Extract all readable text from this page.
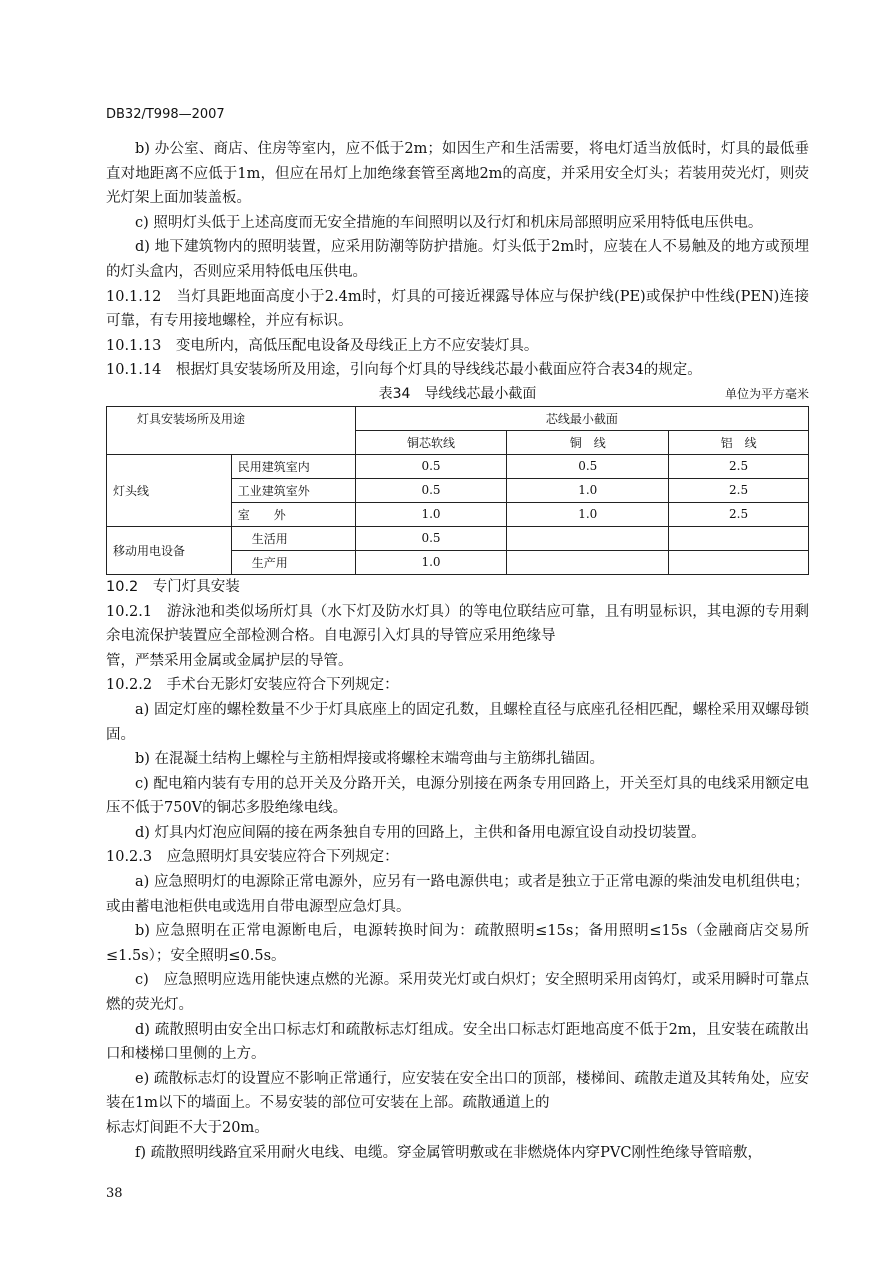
DB32/T998—2007

b) 办公室、商店、住房等室内，应不低于2m；如因生产和生活需要，将电灯适当放低时，灯具的最低垂直对地距离不应低于1m，但应在吊灯上加绝缘套管至离地2m的高度，并采用安全灯头；若装用荧光灯，则荧光灯架上面加装盖板。

c) 照明灯头低于上述高度而无安全措施的车间照明以及行灯和机床局部照明应采用特低电压供电。

d) 地下建筑物内的照明装置，应采用防潮等防护措施。灯头低于2m时，应装在人不易触及的地方或预埋的灯头盒内，否则应采用特低电压供电。

10.1.12　当灯具距地面高度小于2.4m时，灯具的可接近裸露导体应与保护线(PE)或保护中性线(PEN)连接可靠，有专用接地螺栓，并应有标识。

10.1.13　变电所内，高低压配电设备及母线正上方不应安装灯具。

10.1.14　根据灯具安装场所及用途，引向每个灯具的导线线芯最小截面应符合表34的规定。

表34　导线线芯最小截面	单位为平方毫米
灯具安装场所及用途		芯线最小截面		
		铜芯软线	铜　线	铝　线
灯头线	民用建筑室内	0.5	0.5	2.5
	工业建筑室外	0.5	1.0	2.5
	室　　外	1.0	1.0	2.5
移动用电设备	生活用	0.5		
	生产用	1.0		

10.2　专门灯具安装

10.2.1　游泳池和类似场所灯具（水下灯及防水灯具）的等电位联结应可靠，且有明显标识，其电源的专用剩余电流保护装置应全部检测合格。自电源引入灯具的导管应采用绝缘导

管，严禁采用金属或金属护层的导管。

10.2.2　手术台无影灯安装应符合下列规定：

a) 固定灯座的螺栓数量不少于灯具底座上的固定孔数，且螺栓直径与底座孔径相匹配，螺栓采用双螺母锁固。

b) 在混凝土结构上螺栓与主筋相焊接或将螺栓末端弯曲与主筋绑扎锚固。

c) 配电箱内装有专用的总开关及分路开关，电源分别接在两条专用回路上，开关至灯具的电线采用额定电压不低于750V的铜芯多股绝缘电线。

d) 灯具内灯泡应间隔的接在两条独自专用的回路上，主供和备用电源宜设自动投切装置。

10.2.3　应急照明灯具安装应符合下列规定：

a) 应急照明灯的电源除正常电源外，应另有一路电源供电；或者是独立于正常电源的柴油发电机组供电；或由蓄电池柜供电或选用自带电源型应急灯具。

b) 应急照明在正常电源断电后，电源转换时间为：疏散照明≤15s；备用照明≤15s（金融商店交易所≤1.5s）；安全照明≤0.5s。

c)　应急照明应选用能快速点燃的光源。采用荧光灯或白炽灯；安全照明采用卤钨灯，或采用瞬时可靠点燃的荧光灯。

d) 疏散照明由安全出口标志灯和疏散标志灯组成。安全出口标志灯距地高度不低于2m，且安装在疏散出口和楼梯口里侧的上方。

e) 疏散标志灯的设置应不影响正常通行，应安装在安全出口的顶部，楼梯间、疏散走道及其转角处，应安装在1m以下的墙面上。不易安装的部位可安装在上部。疏散通道上的

标志灯间距不大于20m。

f) 疏散照明线路宜采用耐火电线、电缆。穿金属管明敷或在非燃烧体内穿PVC刚性绝缘导管暗敷，

38
